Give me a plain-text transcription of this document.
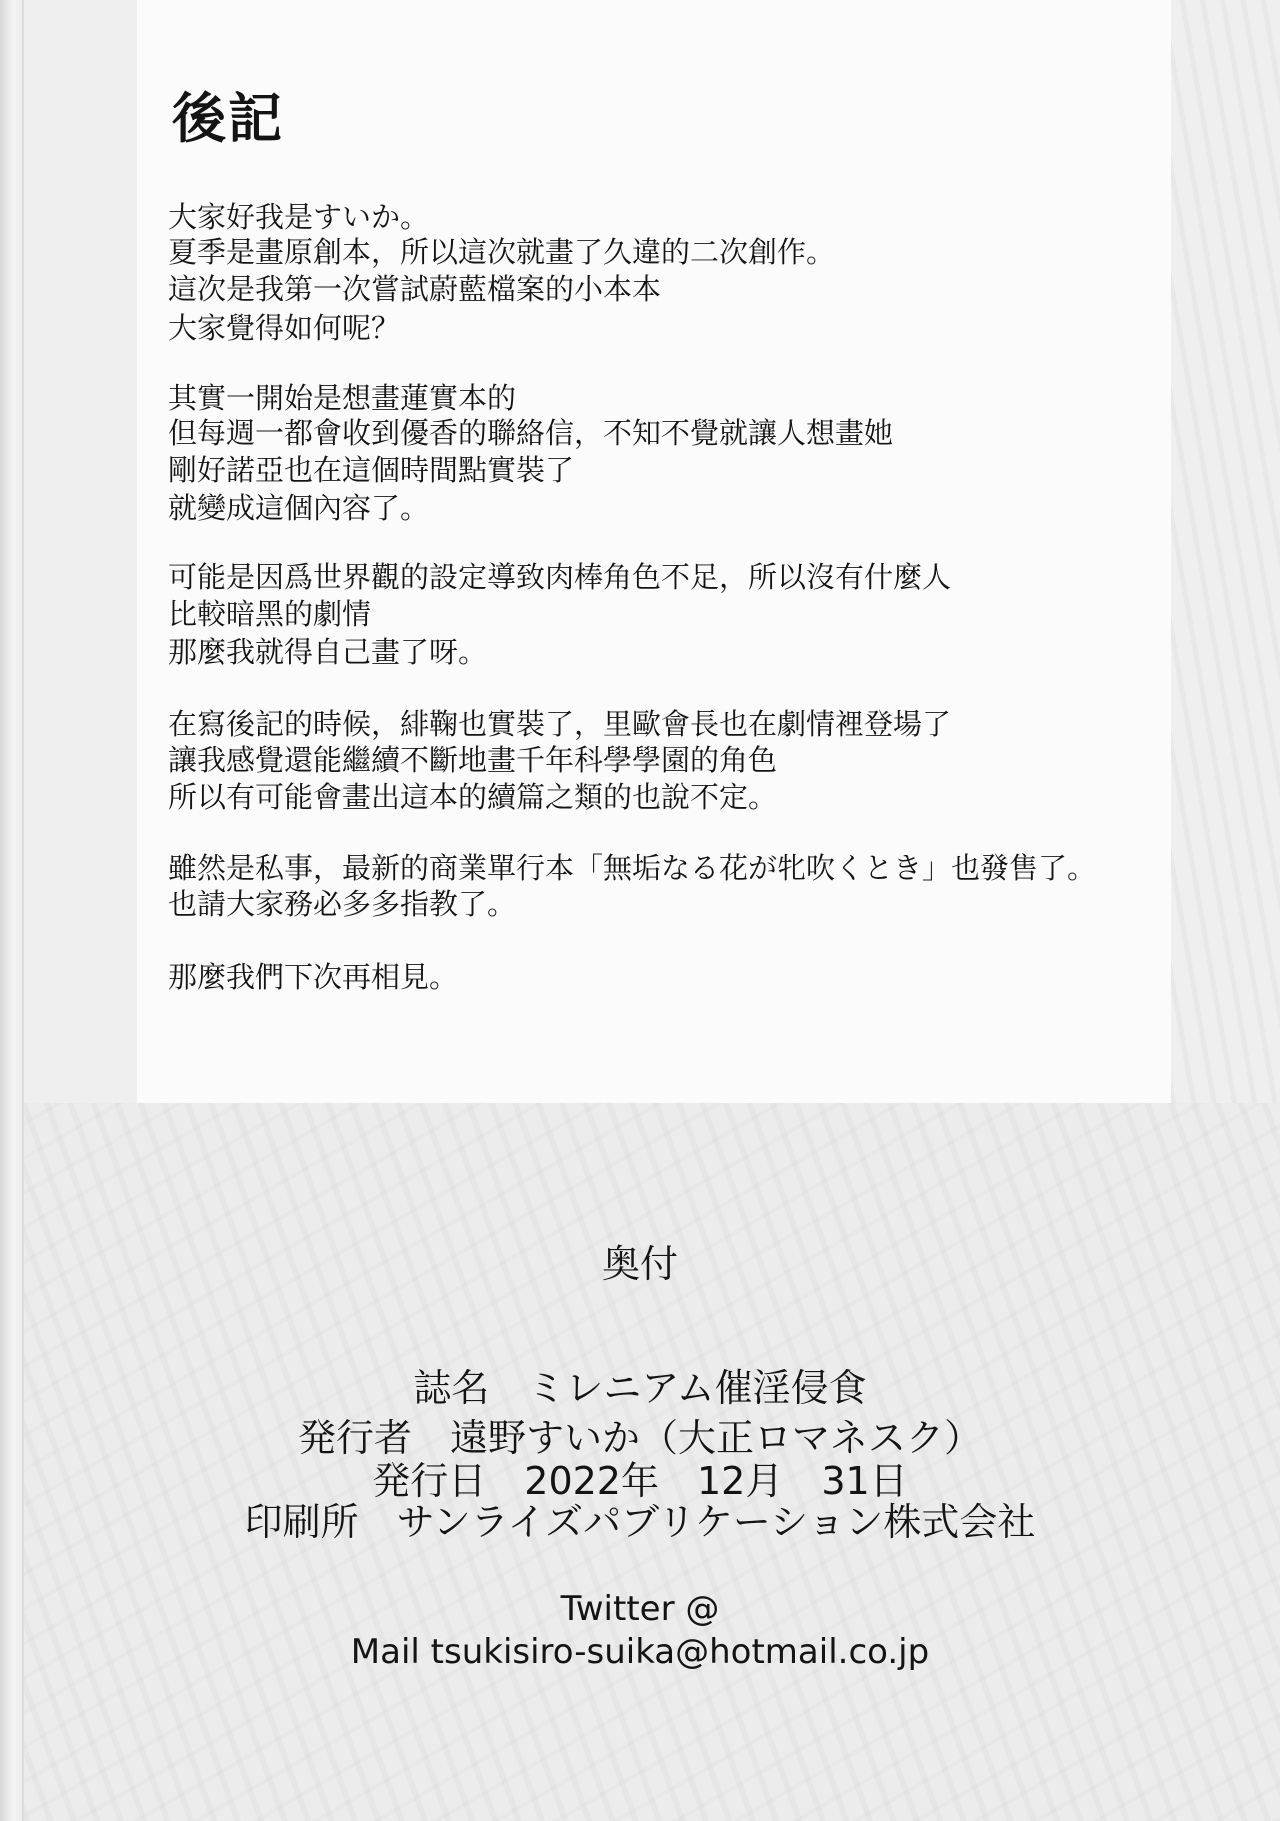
後記
大家好我是すいか。
夏季是畫原創本，所以這次就畫了久違的二次創作。
這次是我第一次嘗試蔚藍檔案的小本本
大家覺得如何呢？
其實一開始是想畫蓮實本的
但每週一都會收到優香的聯絡信，不知不覺就讓人想畫她
剛好諾亞也在這個時間點實裝了
就變成這個內容了。
可能是因爲世界觀的設定導致肉棒角色不足，所以沒有什麼人
比較暗黑的劇情
那麼我就得自己畫了呀。
在寫後記的時候，緋鞠也實裝了，里歐會長也在劇情裡登場了
讓我感覺還能繼續不斷地畫千年科學學園的角色
所以有可能會畫出這本的續篇之類的也說不定。
雖然是私事，最新的商業單行本「無垢なる花が牝吹くとき」也發售了。
也請大家務必多多指教了。
那麼我們下次再相見。
奥付
誌名　ミレニアム催淫侵食
発行者　遠野すいか（大正ロマネスク）
発行日　2022年　12月　31日
印刷所　サンライズパブリケーション株式会社
Twitter @
Mail tsukisiro-suika@hotmail.co.jp
